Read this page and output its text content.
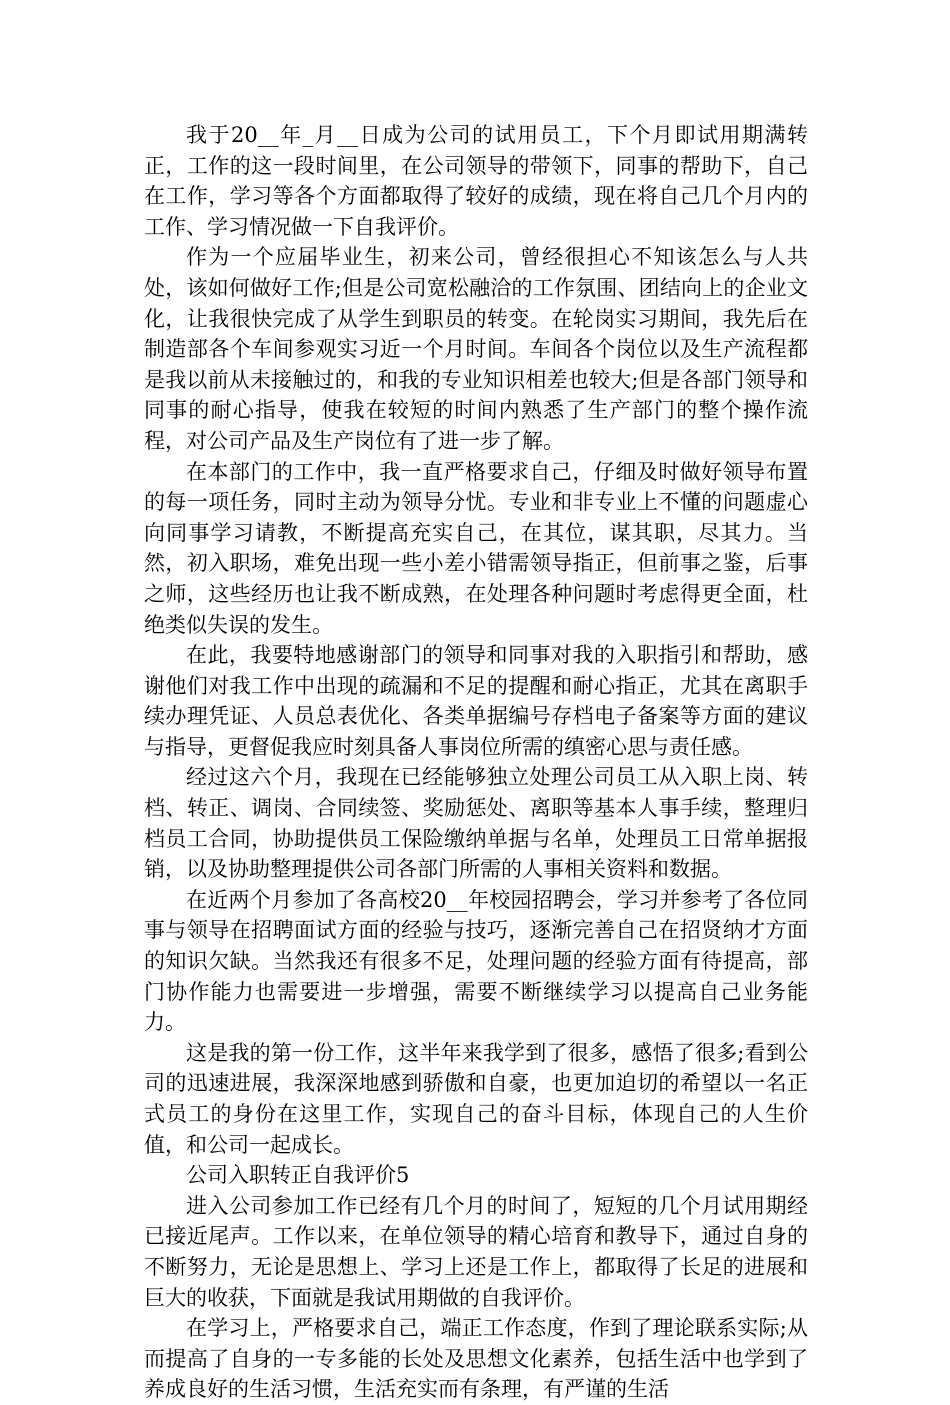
我于20__年_月__日成为公司的试用员工，下个月即试用期满转正，工作的这一段时间里，在公司领导的带领下，同事的帮助下，自己在工作，学习等各个方面都取得了较好的成绩，现在将自己几个月内的工作、学习情况做一下自我评价。

作为一个应届毕业生，初来公司，曾经很担心不知该怎么与人共处，该如何做好工作;但是公司宽松融洽的工作氛围、团结向上的企业文化，让我很快完成了从学生到职员的转变。在轮岗实习期间，我先后在制造部各个车间参观实习近一个月时间。车间各个岗位以及生产流程都是我以前从未接触过的，和我的专业知识相差也较大;但是各部门领导和同事的耐心指导，使我在较短的时间内熟悉了生产部门的整个操作流程，对公司产品及生产岗位有了进一步了解。

在本部门的工作中，我一直严格要求自己，仔细及时做好领导布置的每一项任务，同时主动为领导分忧。专业和非专业上不懂的问题虚心向同事学习请教，不断提高充实自己，在其位，谋其职，尽其力。当然，初入职场，难免出现一些小差小错需领导指正，但前事之鉴，后事之师，这些经历也让我不断成熟，在处理各种问题时考虑得更全面，杜绝类似失误的发生。

在此，我要特地感谢部门的领导和同事对我的入职指引和帮助，感谢他们对我工作中出现的疏漏和不足的提醒和耐心指正，尤其在离职手续办理凭证、人员总表优化、各类单据编号存档电子备案等方面的建议与指导，更督促我应时刻具备人事岗位所需的缜密心思与责任感。

经过这六个月，我现在已经能够独立处理公司员工从入职上岗、转档、转正、调岗、合同续签、奖励惩处、离职等基本人事手续，整理归档员工合同，协助提供员工保险缴纳单据与名单，处理员工日常单据报销，以及协助整理提供公司各部门所需的人事相关资料和数据。

在近两个月参加了各高校20__年校园招聘会，学习并参考了各位同事与领导在招聘面试方面的经验与技巧，逐渐完善自己在招贤纳才方面的知识欠缺。当然我还有很多不足，处理问题的经验方面有待提高，部门协作能力也需要进一步增强，需要不断继续学习以提高自己业务能力。

这是我的第一份工作，这半年来我学到了很多，感悟了很多;看到公司的迅速进展，我深深地感到骄傲和自豪，也更加迫切的希望以一名正式员工的身份在这里工作，实现自己的奋斗目标，体现自己的人生价值，和公司一起成长。

公司入职转正自我评价5

进入公司参加工作已经有几个月的时间了，短短的几个月试用期经已接近尾声。工作以来，在单位领导的精心培育和教导下，通过自身的不断努力，无论是思想上、学习上还是工作上，都取得了长足的进展和巨大的收获，下面就是我试用期做的自我评价。

在学习上，严格要求自己，端正工作态度，作到了理论联系实际;从而提高了自身的一专多能的长处及思想文化素养，包括生活中也学到了养成良好的生活习惯，生活充实而有条理，有严谨的生活
